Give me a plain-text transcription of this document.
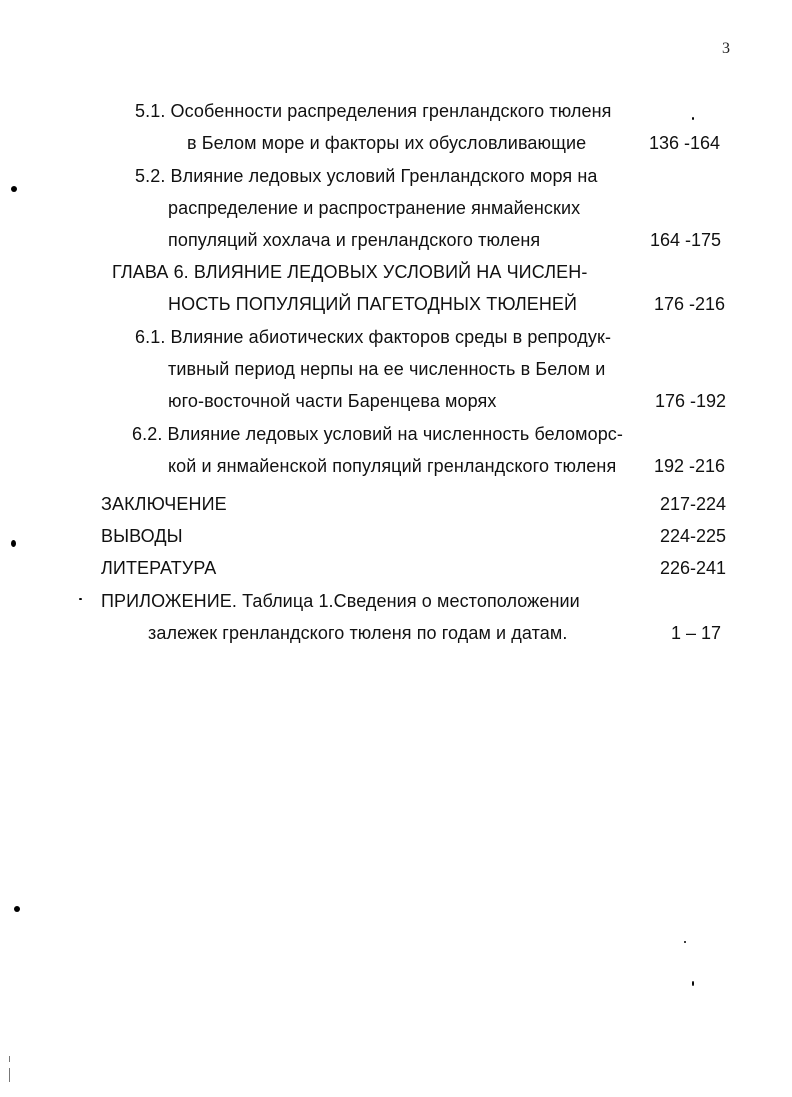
3
5.1. Особенности распределения гренландского тюленя
в Белом море и факторы их обусловливающие	136 -164
5.2. Влияние ледовых условий Гренландского моря на
распределение и распространение янмайенских
популяций хохлача и гренландского тюленя	164 -175
ГЛАВА 6. ВЛИЯНИЕ ЛЕДОВЫХ УСЛОВИЙ НА ЧИСЛЕН-
НОСТЬ ПОПУЛЯЦИЙ ПАГЕТОДНЫХ ТЮЛЕНЕЙ	176 -216
6.1. Влияние абиотических факторов среды в репродук-
тивный период нерпы на ее численность в Белом и
юго-восточной части Баренцева морях	176 -192
6.2. Влияние ледовых условий на численность беломорс-
кой и янмайенской популяций гренландского тюленя 192 -216
ЗАКЛЮЧЕНИЕ	217-224
ВЫВОДЫ	224-225
ЛИТЕРАТУРА	226-241
ПРИЛОЖЕНИЕ. Таблица 1.Сведения о местоположении
залежек гренландского тюленя по годам и датам.	1 – 17
